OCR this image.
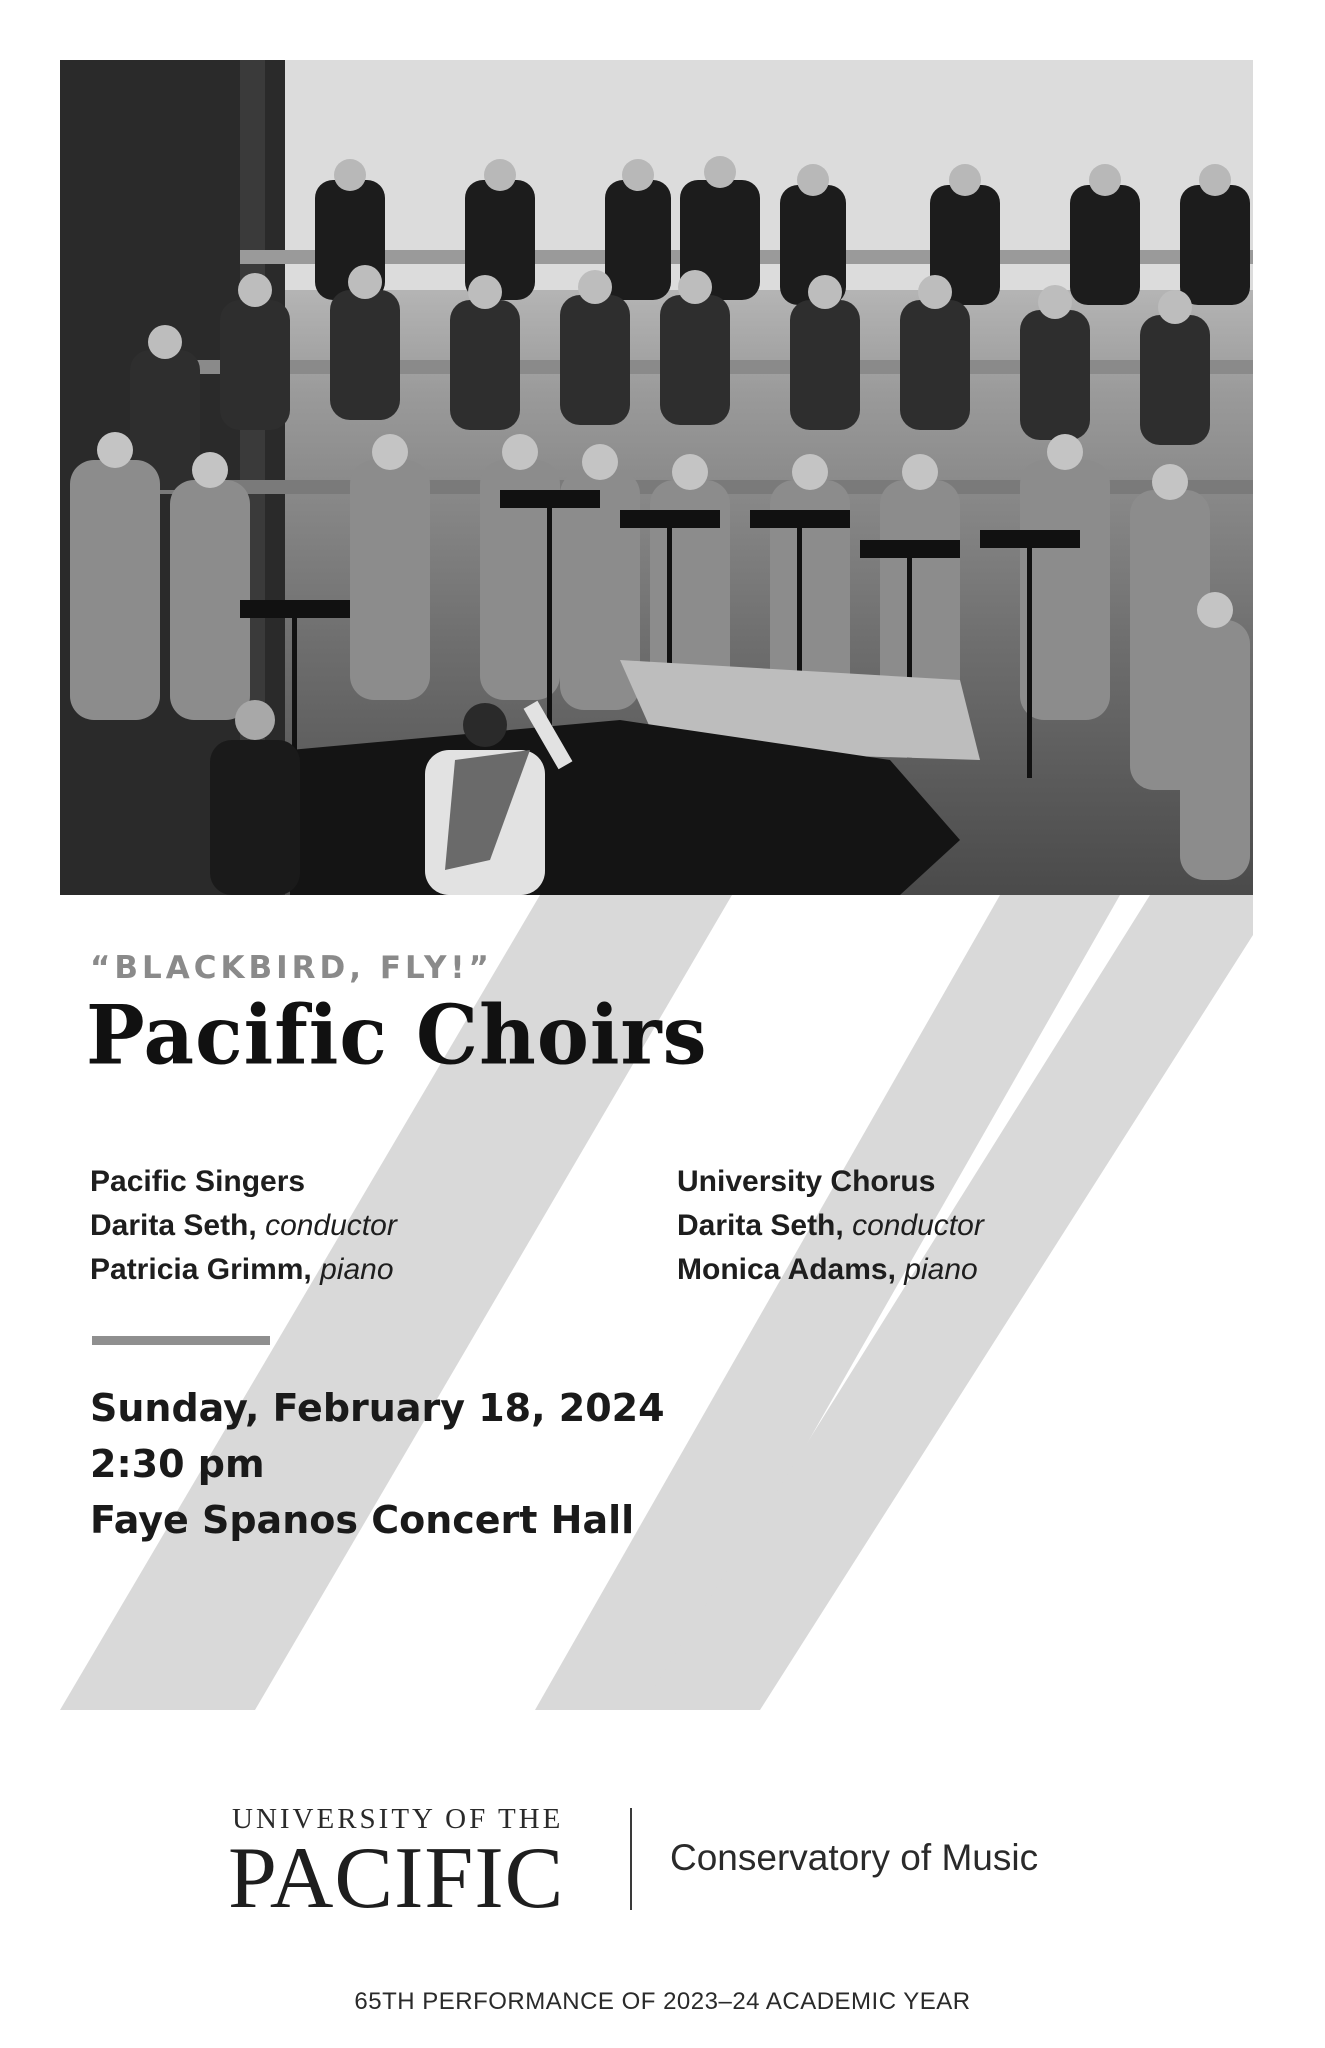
“BLACKBIRD, FLY!”
Pacific Choirs
Pacific Singers
Darita Seth, conductor
Patricia Grimm, piano
University Chorus
Darita Seth, conductor
Monica Adams, piano
Sunday, February 18, 2024
2:30 pm
Faye Spanos Concert Hall
UNIVERSITY OF THE
PACIFIC	Conservatory of Music
65TH PERFORMANCE OF 2023–24 ACADEMIC YEAR
